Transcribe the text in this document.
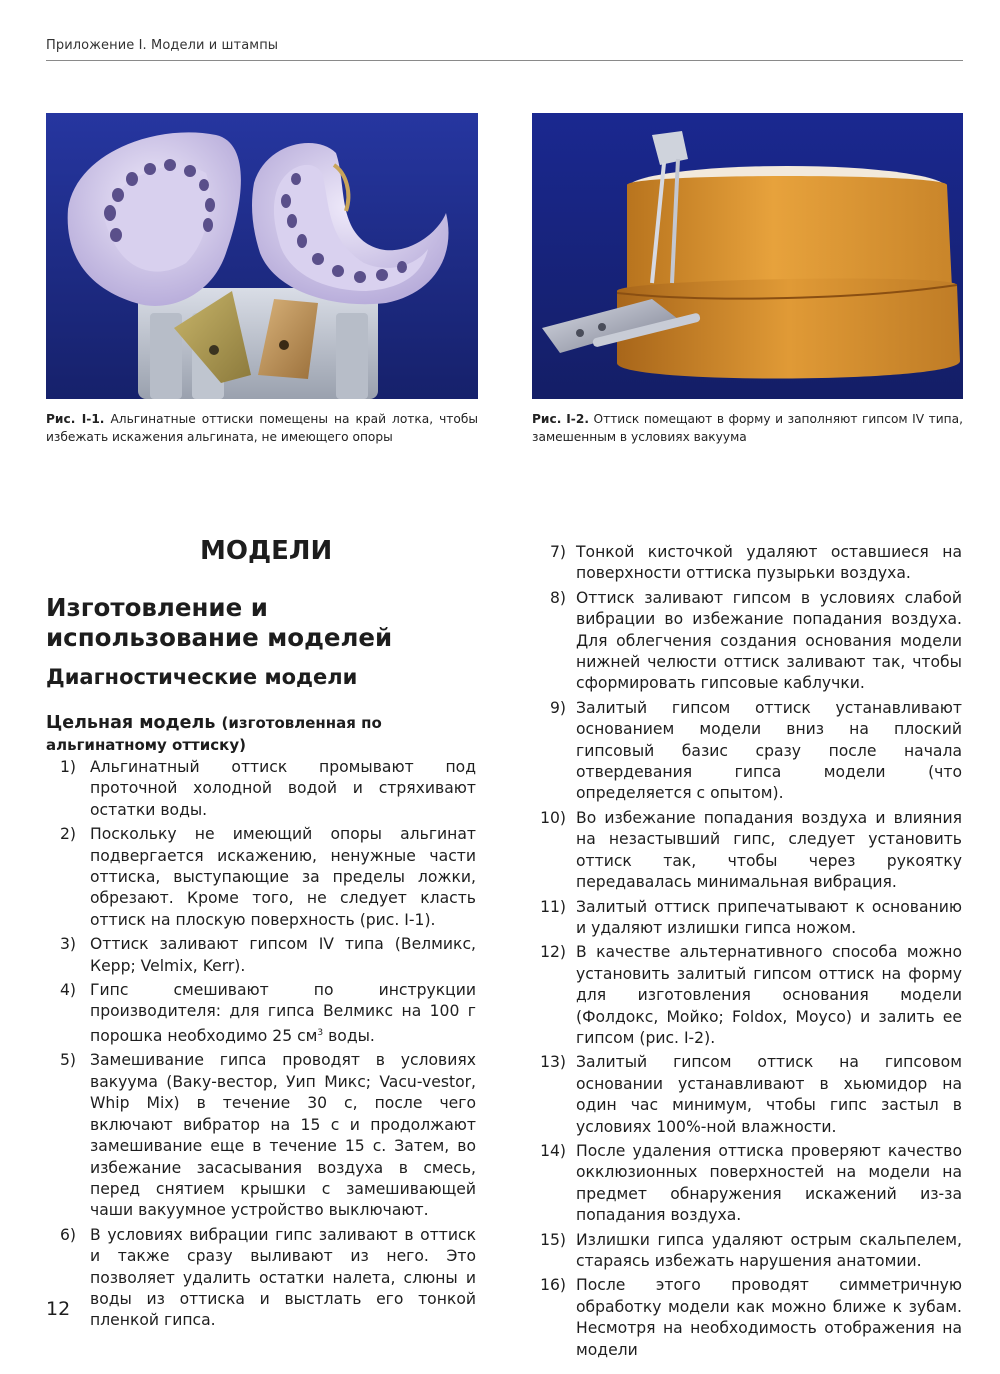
Приложение I. Модели и штампы
Рис. I-1. Альгинатные оттиски помещены на край лотка, чтобы избежать искажения альгината, не имеющего опоры
Рис. I-2. Оттиск помещают в форму и заполняют гипсом IV типа, замешенным в условиях вакуума
МОДЕЛИ
Изготовление и использование моделей
Диагностические модели
Цельная модель (изготовленная по альгинатному оттиску)
1) Альгинатный оттиск промывают под проточной холодной водой и стряхивают остатки воды.
2) Поскольку не имеющий опоры альгинат подвергается искажению, ненужные части оттиска, выступающие за пределы ложки, обрезают. Кроме того, не следует класть оттиск на плоскую поверхность (рис. I-1).
3) Оттиск заливают гипсом IV типа (Велмикс, Керр; Velmix, Kerr).
4) Гипс смешивают по инструкции производителя: для гипса Велмикс на 100 г порошка необходимо 25 $см^3$ воды.
5) Замешивание гипса проводят в условиях вакуума (Ваку-вестор, Уип Микс; Vacu-vestor, Whip Mix) в течение 30 с, после чего включают вибратор на 15 с и продолжают замешивание еще в течение 15 с. Затем, во избежание засасывания воздуха в смесь, перед снятием крышки с замешивающей чаши вакуумное устройство выключают.
6) В условиях вибрации гипс заливают в оттиск и также сразу выливают из него. Это позволяет удалить остатки налета, слюны и воды из оттиска и выстлать его тонкой пленкой гипса.
7) Тонкой кисточкой удаляют оставшиеся на поверхности оттиска пузырьки воздуха.
8) Оттиск заливают гипсом в условиях слабой вибрации во избежание попадания воздуха. Для облегчения создания основания модели нижней челюсти оттиск заливают так, чтобы сформировать гипсовые каблучки.
9) Залитый гипсом оттиск устанавливают основанием модели вниз на плоский гипсовый базис сразу после начала отвердевания гипса модели (что определяется с опытом).
10) Во избежание попадания воздуха и влияния на незастывший гипс, следует установить оттиск так, чтобы через рукоятку передавалась минимальная вибрация.
11) Залитый оттиск припечатывают к основанию и удаляют излишки гипса ножом.
12) В качестве альтернативного способа можно установить залитый гипсом оттиск на форму для изготовления основания модели (Фолдокс, Мойко; Foldox, Moyco) и залить ее гипсом (рис. I-2).
13) Залитый гипсом оттиск на гипсовом основании устанавливают в хьюмидор на один час минимум, чтобы гипс застыл в условиях 100%-ной влажности.
14) После удаления оттиска проверяют качество окклюзионных поверхностей на модели на предмет обнаружения искажений из-за попадания воздуха.
15) Излишки гипса удаляют острым скальпелем, стараясь избежать нарушения анатомии.
16) После этого проводят симметричную обработку модели как можно ближе к зубам. Несмотря на необходимость отображения на модели
12
